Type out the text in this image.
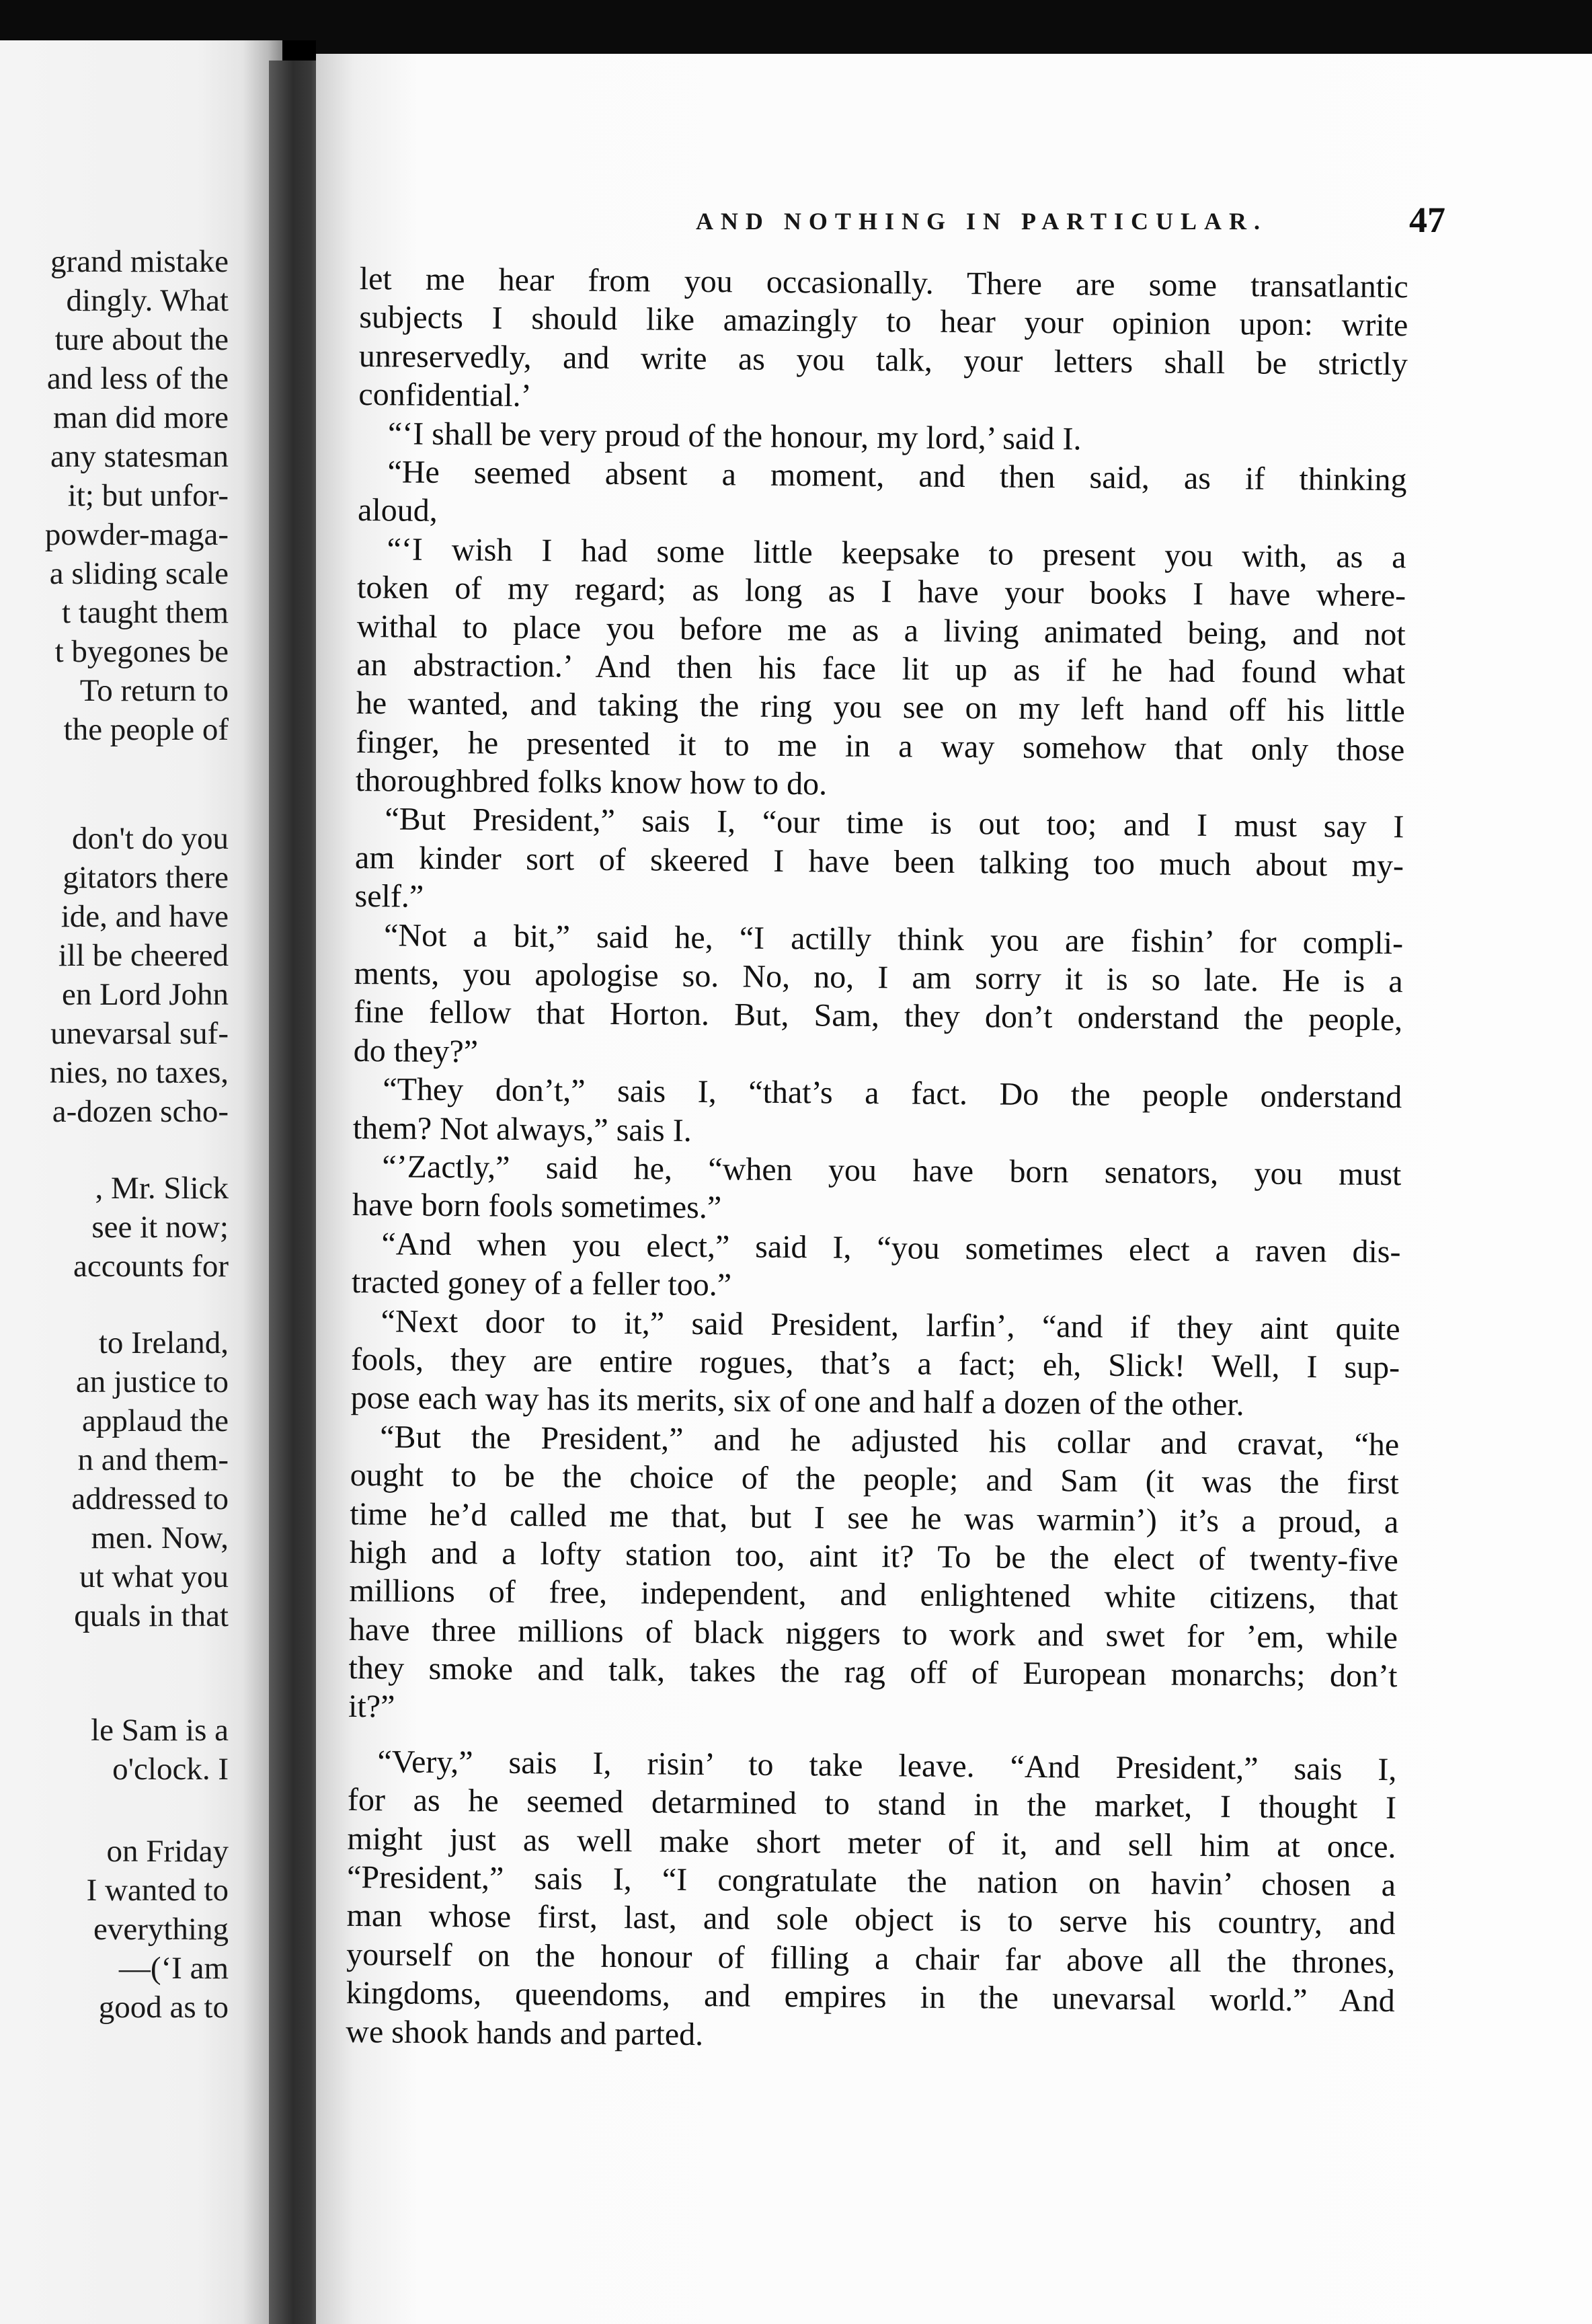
grand mistake
dingly. What
ture about the
and less of the
man did more
any statesman
it; but unfor-
powder-maga-
a sliding scale
t taught them
t byegones be
To return to
the people of
don't do you
gitators there
ide, and have
ill be cheered
en Lord John
unevarsal suf-
nies, no taxes,
a-dozen scho-
, Mr. Slick
see it now;
accounts for
to Ireland,
an justice to
applaud the
n and them-
addressed to
men. Now,
ut what you
quals in that
le Sam is a
o'clock. I
on Friday
I wanted to
everything
—(‘I am
good as to
AND NOTHING IN PARTICULAR.	47
let me hear from you occasionally. There are some transatlantic
subjects I should like amazingly to hear your opinion upon: write
unreservedly, and write as you talk, your letters shall be strictly
confidential.’
“‘I shall be very proud of the honour, my lord,’ said I.
“He seemed absent a moment, and then said, as if thinking
aloud,
“‘I wish I had some little keepsake to present you with, as a
token of my regard; as long as I have your books I have where-
withal to place you before me as a living animated being, and not
an abstraction.’ And then his face lit up as if he had found what
he wanted, and taking the ring you see on my left hand off his little
finger, he presented it to me in a way somehow that only those
thoroughbred folks know how to do.
“But President,” sais I, “our time is out too; and I must say I
am kinder sort of skeered I have been talking too much about my-
self.”
“Not a bit,” said he, “I actilly think you are fishin’ for compli-
ments, you apologise so. No, no, I am sorry it is so late. He is a
fine fellow that Horton. But, Sam, they don’t onderstand the people,
do they?”
“They don’t,” sais I, “that’s a fact. Do the people onderstand
them? Not always,” sais I.
“’Zactly,” said he, “when you have born senators, you must
have born fools sometimes.”
“And when you elect,” said I, “you sometimes elect a raven dis-
tracted goney of a feller too.”
“Next door to it,” said President, larfin’, “and if they aint quite
fools, they are entire rogues, that’s a fact; eh, Slick! Well, I sup-
pose each way has its merits, six of one and half a dozen of the other.
“But the President,” and he adjusted his collar and cravat, “he
ought to be the choice of the people; and Sam (it was the first
time he’d called me that, but I see he was warmin’) it’s a proud, a
high and a lofty station too, aint it? To be the elect of twenty-five
millions of free, independent, and enlightened white citizens, that
have three millions of black niggers to work and swet for ’em, while
they smoke and talk, takes the rag off of European monarchs; don’t
it?”
“Very,” sais I, risin’ to take leave. “And President,” sais I,
for as he seemed detarmined to stand in the market, I thought I
might just as well make short meter of it, and sell him at once.
“President,” sais I, “I congratulate the nation on havin’ chosen a
man whose first, last, and sole object is to serve his country, and
yourself on the honour of filling a chair far above all the thrones,
kingdoms, queendoms, and empires in the unevarsal world.” And
we shook hands and parted.
